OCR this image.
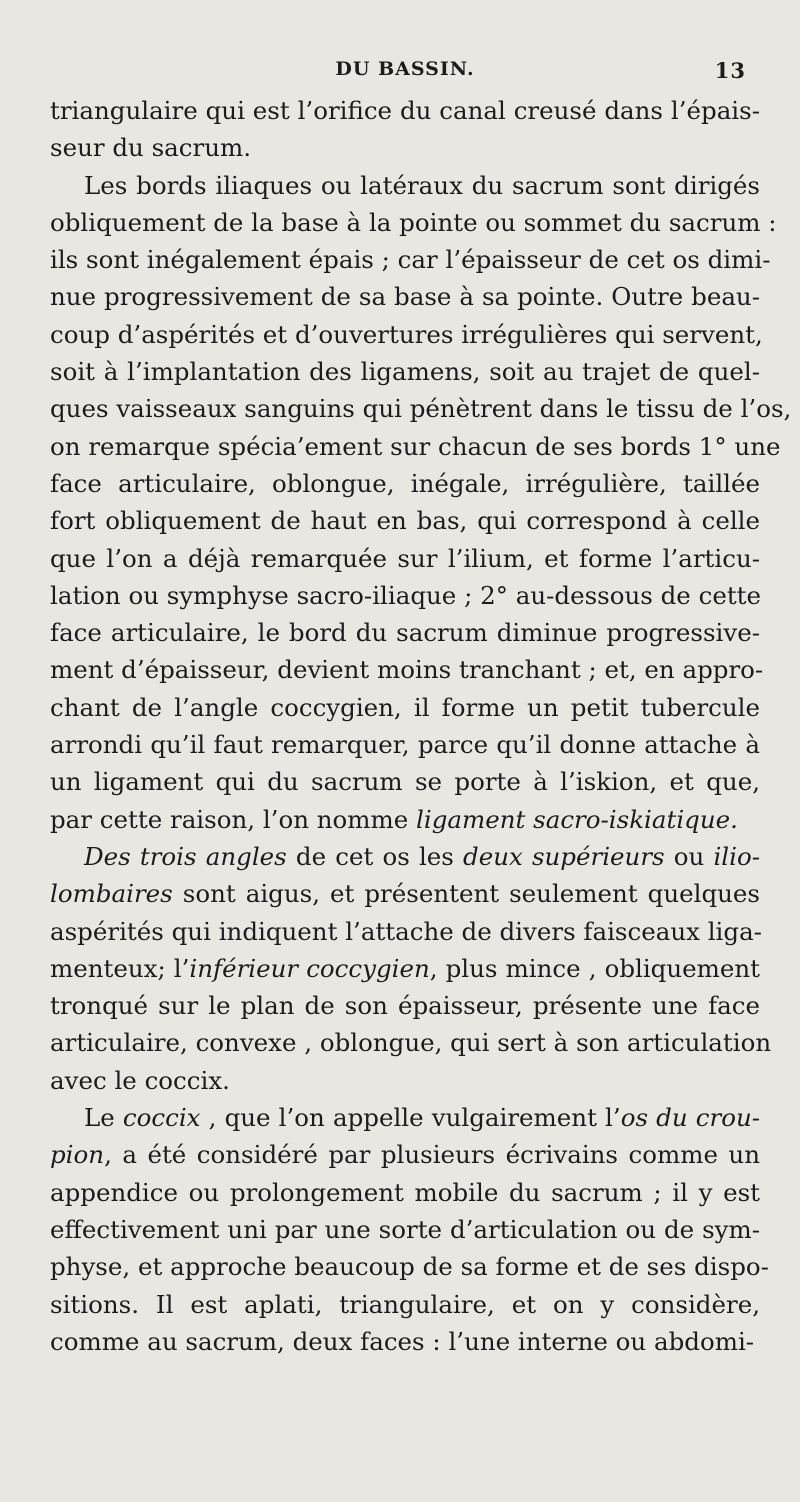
DU BASSIN.	13
triangulaire qui est l’orifice du canal creusé dans l’épais-
seur du sacrum.
Les bords iliaques ou latéraux du sacrum sont dirigés
obliquement de la base à la pointe ou sommet du sacrum :
ils sont inégalement épais ; car l’épaisseur de cet os dimi-
nue progressivement de sa base à sa pointe. Outre beau-
coup d’aspérités et d’ouvertures irrégulières qui servent,
soit à l’implantation des ligamens, soit au trajet de quel-
ques vaisseaux sanguins qui pénètrent dans le tissu de l’os,
on remarque spécia’ement sur chacun de ses bords 1° une
face articulaire, oblongue, inégale, irrégulière, taillée
fort obliquement de haut en bas, qui correspond à celle
que l’on a déjà remarquée sur l’ilium, et forme l’articu-
lation ou symphyse sacro-iliaque ; 2° au-dessous de cette
face articulaire, le bord du sacrum diminue progressive-
ment d’épaisseur, devient moins tranchant ; et, en appro-
chant de l’angle coccygien, il forme un petit tubercule
arrondi qu’il faut remarquer, parce qu’il donne attache à
un ligament qui du sacrum se porte à l’iskion, et que,
par cette raison, l’on nomme ligament sacro-iskiatique.
Des trois angles de cet os les deux supérieurs ou ilio-
lombaires sont aigus, et présentent seulement quelques
aspérités qui indiquent l’attache de divers faisceaux liga-
menteux; l’inférieur coccygien, plus mince , obliquement
tronqué sur le plan de son épaisseur, présente une face
articulaire, convexe , oblongue, qui sert à son articulation
avec le coccix.
Le coccix , que l’on appelle vulgairement l’os du crou-
pion, a été considéré par plusieurs écrivains comme un
appendice ou prolongement mobile du sacrum ; il y est
effectivement uni par une sorte d’articulation ou de sym-
physe, et approche beaucoup de sa forme et de ses dispo-
sitions. Il est aplati, triangulaire, et on y considère,
comme au sacrum, deux faces : l’une interne ou abdomi-
